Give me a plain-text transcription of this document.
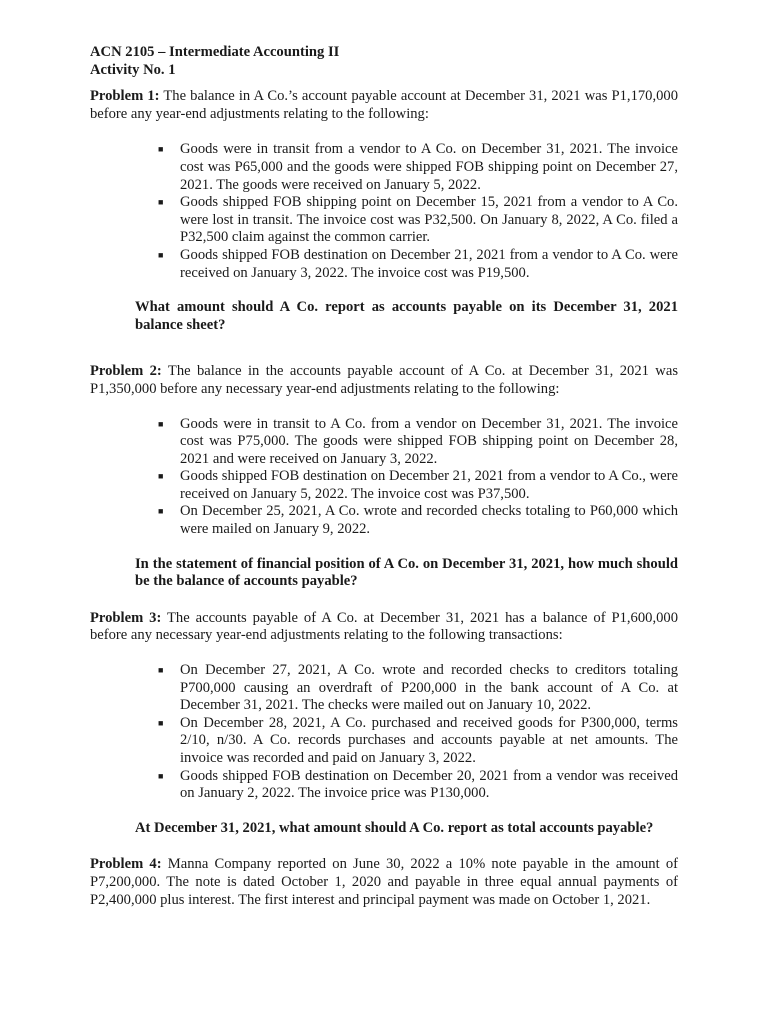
ACN 2105 – Intermediate Accounting II

Activity No. 1

Problem 1: The balance in A Co.’s account payable account at December 31, 2021 was P1,170,000 before any year-end adjustments relating to the following:

■ Goods were in transit from a vendor to A Co. on December 31, 2021. The invoice cost was P65,000 and the goods were shipped FOB shipping point on December 27, 2021. The goods were received on January 5, 2022.
■ Goods shipped FOB shipping point on December 15, 2021 from a vendor to A Co. were lost in transit. The invoice cost was P32,500. On January 8, 2022, A Co. filed a P32,500 claim against the common carrier.
■ Goods shipped FOB destination on December 21, 2021 from a vendor to A Co. were received on January 3, 2022. The invoice cost was P19,500.

What amount should A Co. report as accounts payable on its December 31, 2021 balance sheet?

Problem 2: The balance in the accounts payable account of A Co. at December 31, 2021 was P1,350,000 before any necessary year-end adjustments relating to the following:

■ Goods were in transit to A Co. from a vendor on December 31, 2021. The invoice cost was P75,000. The goods were shipped FOB shipping point on December 28, 2021 and were received on January 3, 2022.
■ Goods shipped FOB destination on December 21, 2021 from a vendor to A Co., were received on January 5, 2022. The invoice cost was P37,500.
■ On December 25, 2021, A Co. wrote and recorded checks totaling to P60,000 which were mailed on January 9, 2022.

In the statement of financial position of A Co. on December 31, 2021, how much should be the balance of accounts payable?

Problem 3: The accounts payable of A Co. at December 31, 2021 has a balance of P1,600,000 before any necessary year-end adjustments relating to the following transactions:

■ On December 27, 2021, A Co. wrote and recorded checks to creditors totaling P700,000 causing an overdraft of P200,000 in the bank account of A Co. at December 31, 2021. The checks were mailed out on January 10, 2022.
■ On December 28, 2021, A Co. purchased and received goods for P300,000, terms 2/10, n/30. A Co. records purchases and accounts payable at net amounts. The invoice was recorded and paid on January 3, 2022.
■ Goods shipped FOB destination on December 20, 2021 from a vendor was received on January 2, 2022. The invoice price was P130,000.

At December 31, 2021, what amount should A Co. report as total accounts payable?

Problem 4: Manna Company reported on June 30, 2022 a 10% note payable in the amount of P7,200,000. The note is dated October 1, 2020 and payable in three equal annual payments of P2,400,000 plus interest. The first interest and principal payment was made on October 1, 2021.
